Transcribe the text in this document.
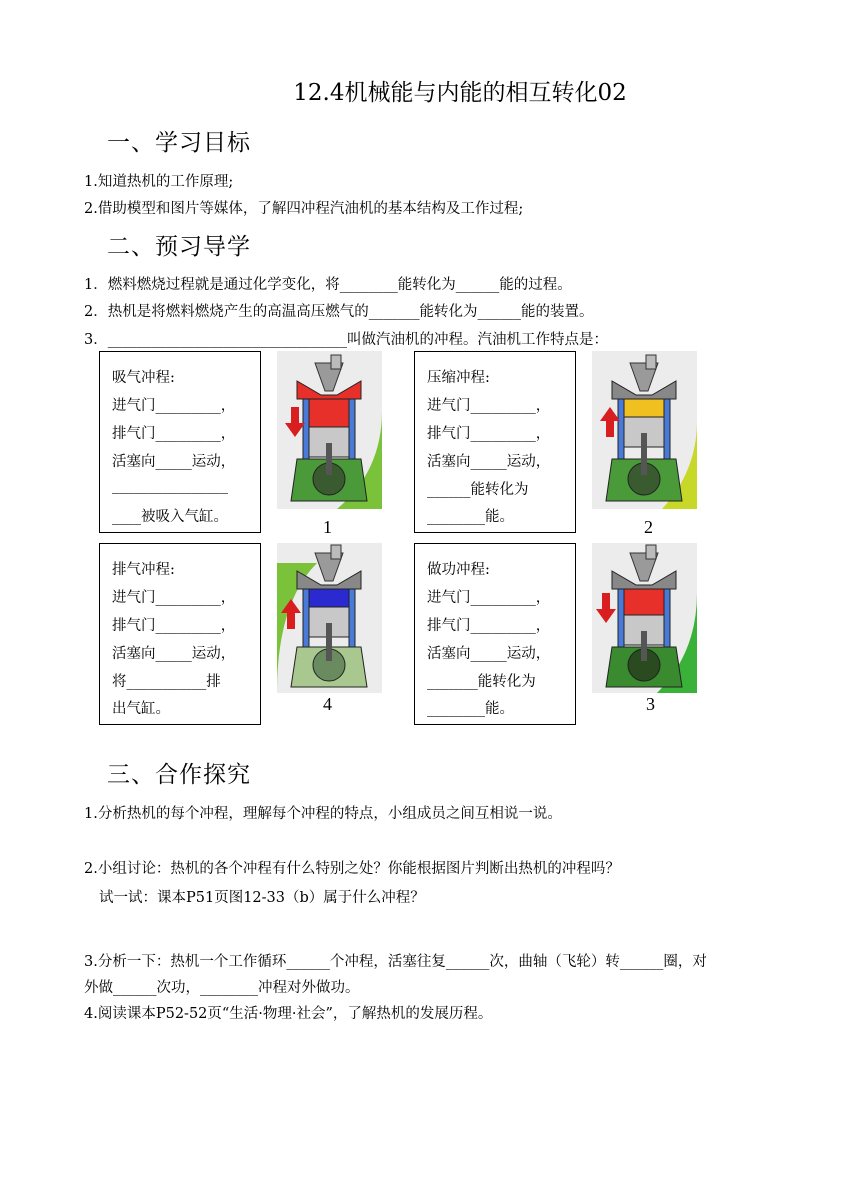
12.4机械能与内能的相互转化02
一、学习目标
1.知道热机的工作原理;
2.借助模型和图片等媒体，了解四冲程汽油机的基本结构及工作过程;
二、预习导学
1．燃料燃烧过程就是通过化学变化，将________能转化为______能的过程。
2．热机是将燃料燃烧产生的高温高压燃气的_______能转化为______能的装置。
3．_________________________________叫做汽油机的冲程。汽油机工作特点是：
吸气冲程:
进气门_________，
排气门_________，
活塞向_____运动，
________________
____被吸入气缸。
压缩冲程:
进气门_________，
排气门_________，
活塞向_____运动，
______能转化为
________能。
排气冲程:
进气门_________，
排气门_________，
活塞向_____运动，
将___________排
出气缸。
做功冲程:
进气门_________，
排气门_________，
活塞向_____运动，
_______能转化为
________能。
1	2
4	3
三、合作探究
1.分析热机的每个冲程，理解每个冲程的特点，小组成员之间互相说一说。
2.小组讨论：热机的各个冲程有什么特别之处？你能根据图片判断出热机的冲程吗？
试一试：课本P51页图12-33（b）属于什么冲程？
3.分析一下：热机一个工作循环______个冲程，活塞往复______次，曲轴（飞轮）转______圈，对
外做______次功，________冲程对外做功。
4.阅读课本P52-52页“生活·物理·社会”，了解热机的发展历程。
